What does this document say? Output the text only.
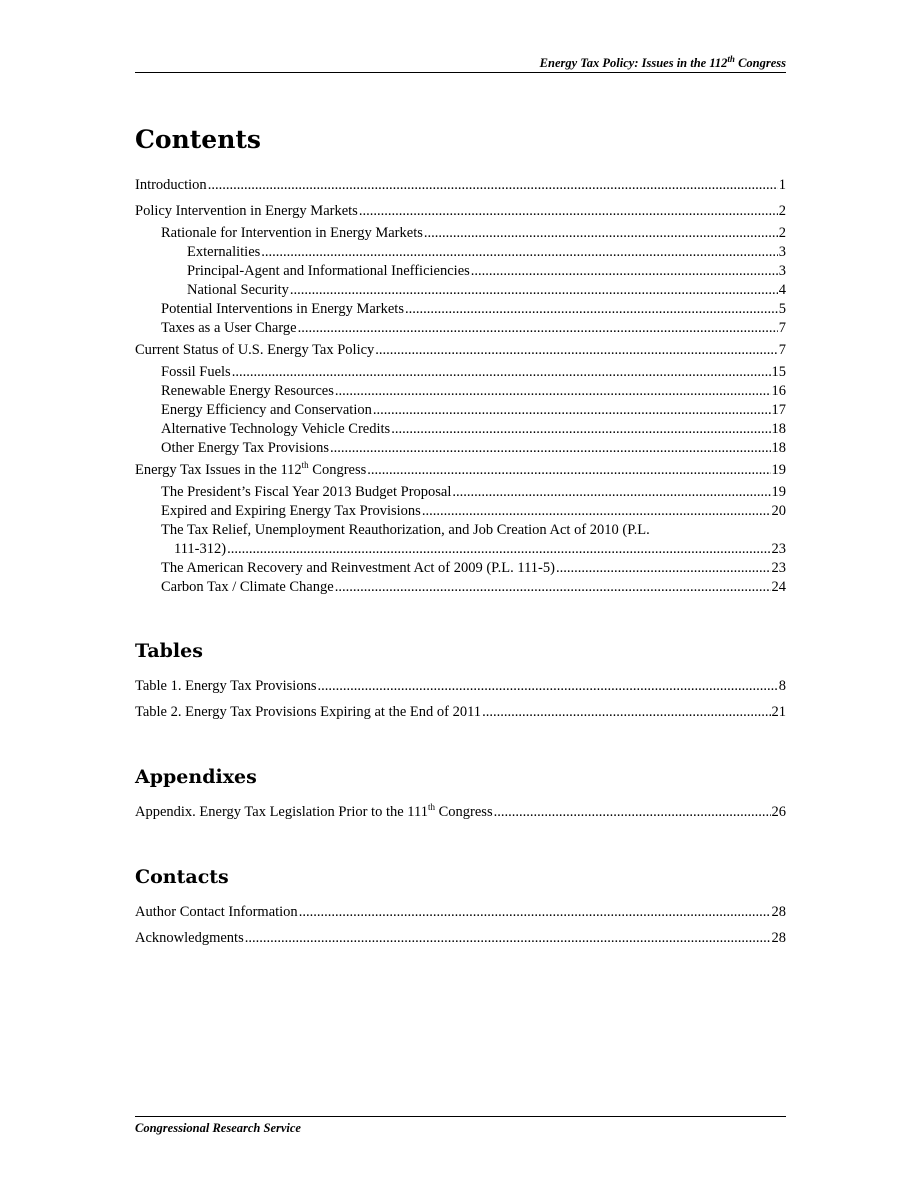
Energy Tax Policy: Issues in the 112th Congress
Contents
Introduction .....	1
Policy Intervention in Energy Markets .....	2
Rationale for Intervention in Energy Markets .....	2
Externalities .....	3
Principal-Agent and Informational Inefficiencies .....	3
National Security .....	4
Potential Interventions in Energy Markets .....	5
Taxes as a User Charge .....	7
Current Status of U.S. Energy Tax Policy .....	7
Fossil Fuels .....	15
Renewable Energy Resources .....	16
Energy Efficiency and Conservation .....	17
Alternative Technology Vehicle Credits .....	18
Other Energy Tax Provisions .....	18
Energy Tax Issues in the 112th Congress .....	19
The President’s Fiscal Year 2013 Budget Proposal .....	19
Expired and Expiring Energy Tax Provisions .....	20
The Tax Relief, Unemployment Reauthorization, and Job Creation Act of 2010 (P.L.
111-312) .....	23
The American Recovery and Reinvestment Act of 2009 (P.L. 111-5) .....	23
Carbon Tax / Climate Change .....	24
Tables
Table 1. Energy Tax Provisions .....	8
Table 2. Energy Tax Provisions Expiring at the End of 2011 .....	21
Appendixes
Appendix. Energy Tax Legislation Prior to the 111th Congress .....	26
Contacts
Author Contact Information .....	28
Acknowledgments .....	28
Congressional Research Service
